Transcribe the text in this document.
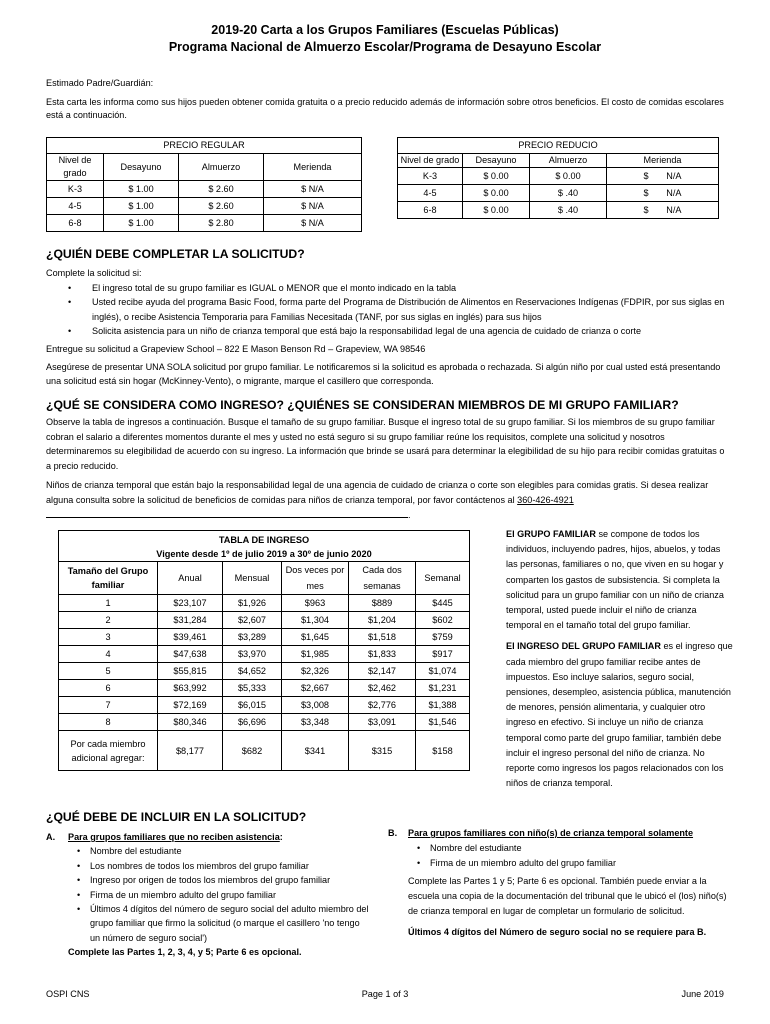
2019-20 Carta a los Grupos Familiares (Escuelas Públicas)
Programa Nacional de Almuerzo Escolar/Programa de Desayuno Escolar

Estimado Padre/Guardián:

Esta carta les informa como sus hijos pueden obtener comida gratuita o a precio reducido además de información sobre otros beneficios. El costo de comidas escolares está a continuación.

PRECIO REGULAR			
Nivel de grado	Desayuno	Almuerzo	Merienda
K-3	$ 1.00	$ 2.60	$ N/A
4-5	$ 1.00	$ 2.60	$ N/A
6-8	$ 1.00	$ 2.80	$ N/A
PRECIO REDUCIO			
Nivel de grado	Desayuno	Almuerzo	Merienda
K-3	$ 0.00	$ 0.00	$       N/A
4-5	$ 0.00	$ .40	$       N/A
6-8	$ 0.00	$ .40	$       N/A
¿QUIÉN DEBE COMPLETAR LA SOLICITUD?

Complete la solicitud si:

• El ingreso total de su grupo familiar es IGUAL o MENOR que el monto indicado en la tabla
• Usted recibe ayuda del programa Basic Food, forma parte del Programa de Distribución de Alimentos en Reservaciones Indígenas (FDPIR, por sus siglas en inglés), o recibe Asistencia Temporaria para Familias Necesitada (TANF, por sus siglas en inglés) para sus hijos
• Solicita asistencia para un niño de crianza temporal que está bajo la responsabilidad legal de una agencia de cuidado de crianza o corte

Entregue su solicitud a Grapeview School – 822 E Mason Benson Rd – Grapeview, WA 98546

Asegúrese de presentar UNA SOLA solicitud por grupo familiar. Le notificaremos si la solicitud es aprobada o rechazada. Si algún niño por cual usted está presentando una solicitud está sin hogar (McKinney-Vento), o migrante, marque el casillero que corresponda.

¿QUÉ SE CONSIDERA COMO INGRESO? ¿QUIÉNES SE CONSIDERAN MIEMBROS DE MI GRUPO FAMILIAR?

Observe la tabla de ingresos a continuación. Busque el tamaño de su grupo familiar. Busque el ingreso total de su grupo familiar. Si los miembros de su grupo familiar cobran el salario a diferentes momentos durante el mes y usted no está seguro si su grupo familiar reúne los requisitos, complete una solicitud y nosotros determinaremos su elegibilidad de acuerdo con su ingreso. La información que brinde se usará para determinar la elegibilidad de su hijo para recibir comidas gratuitas o a precio reducido.

Niños de crianza temporal que están bajo la responsabilidad legal de una agencia de cuidado de crianza o corte son elegibles para comidas gratis. Si desea realizar alguna consulta sobre la solicitud de beneficios de comidas para niños de crianza temporal, por favor contáctenos al 360-426-4921

.
TABLA DE INGRESO					
Vigente desde 1º de julio 2019 a 30º de junio 2020					
Tamaño del Grupo familiar	Anual	Mensual	Dos veces por mes	Cada dos semanas	Semanal
1	$23,107	$1,926	$963	$889	$445
2	$31,284	$2,607	$1,304	$1,204	$602
3	$39,461	$3,289	$1,645	$1,518	$759
4	$47,638	$3,970	$1,985	$1,833	$917
5	$55,815	$4,652	$2,326	$2,147	$1,074
6	$63,992	$5,333	$2,667	$2,462	$1,231
7	$72,169	$6,015	$3,008	$2,776	$1,388
8	$80,346	$6,696	$3,348	$3,091	$1,546
Por cada miembro adicional agregar:	$8,177	$682	$341	$315	$158

El GRUPO FAMILIAR se compone de todos los individuos, incluyendo padres, hijos, abuelos, y todas las personas, familiares o no, que viven en su hogar y comparten los gastos de subsistencia. Si completa la solicitud para un grupo familiar con un niño de crianza temporal, usted puede incluir el niño de crianza temporal en el tamaño total del grupo familiar.

El INGRESO DEL GRUPO FAMILIAR es el ingreso que cada miembro del grupo familiar recibe antes de impuestos. Eso incluye salarios, seguro social, pensiones, desempleo, asistencia pública, manutención de menores, pensión alimentaria, y cualquier otro ingreso en efectivo. Si incluye un niño de crianza temporal como parte del grupo familiar, también debe incluir el ingreso personal del niño de crianza. No reporte como ingresos los pagos relacionados con los niños de crianza temporal.

¿QUÉ DEBE DE INCLUIR EN LA SOLICITUD?
A. Para grupos familiares que no reciben asistencia:
• Nombre del estudiante
• Los nombres de todos los miembros del grupo familiar
• Ingreso por origen de todos los miembros del grupo familiar
• Firma de un miembro adulto del grupo familiar
• Últimos 4 dígitos del número de seguro social del adulto miembro del grupo familiar que firmo la solicitud (o marque el casillero 'no tengo un número de seguro social')
Complete las Partes 1, 2, 3, 4, y 5; Parte 6 es opcional.
B. Para grupos familiares con niño(s) de crianza temporal solamente
• Nombre del estudiante
• Firma de un miembro adulto del grupo familiar
Complete las Partes 1 y 5; Parte 6 es opcional. También puede enviar a la escuela una copia de la documentación del tribunal que le ubicó el (los) niño(s) de crianza temporal en lugar de completar un formulario de solicitud.
Últimos 4 dígitos del Número de seguro social no se requiere para B.
OSPI CNS	Page 1 of 3	June 2019
